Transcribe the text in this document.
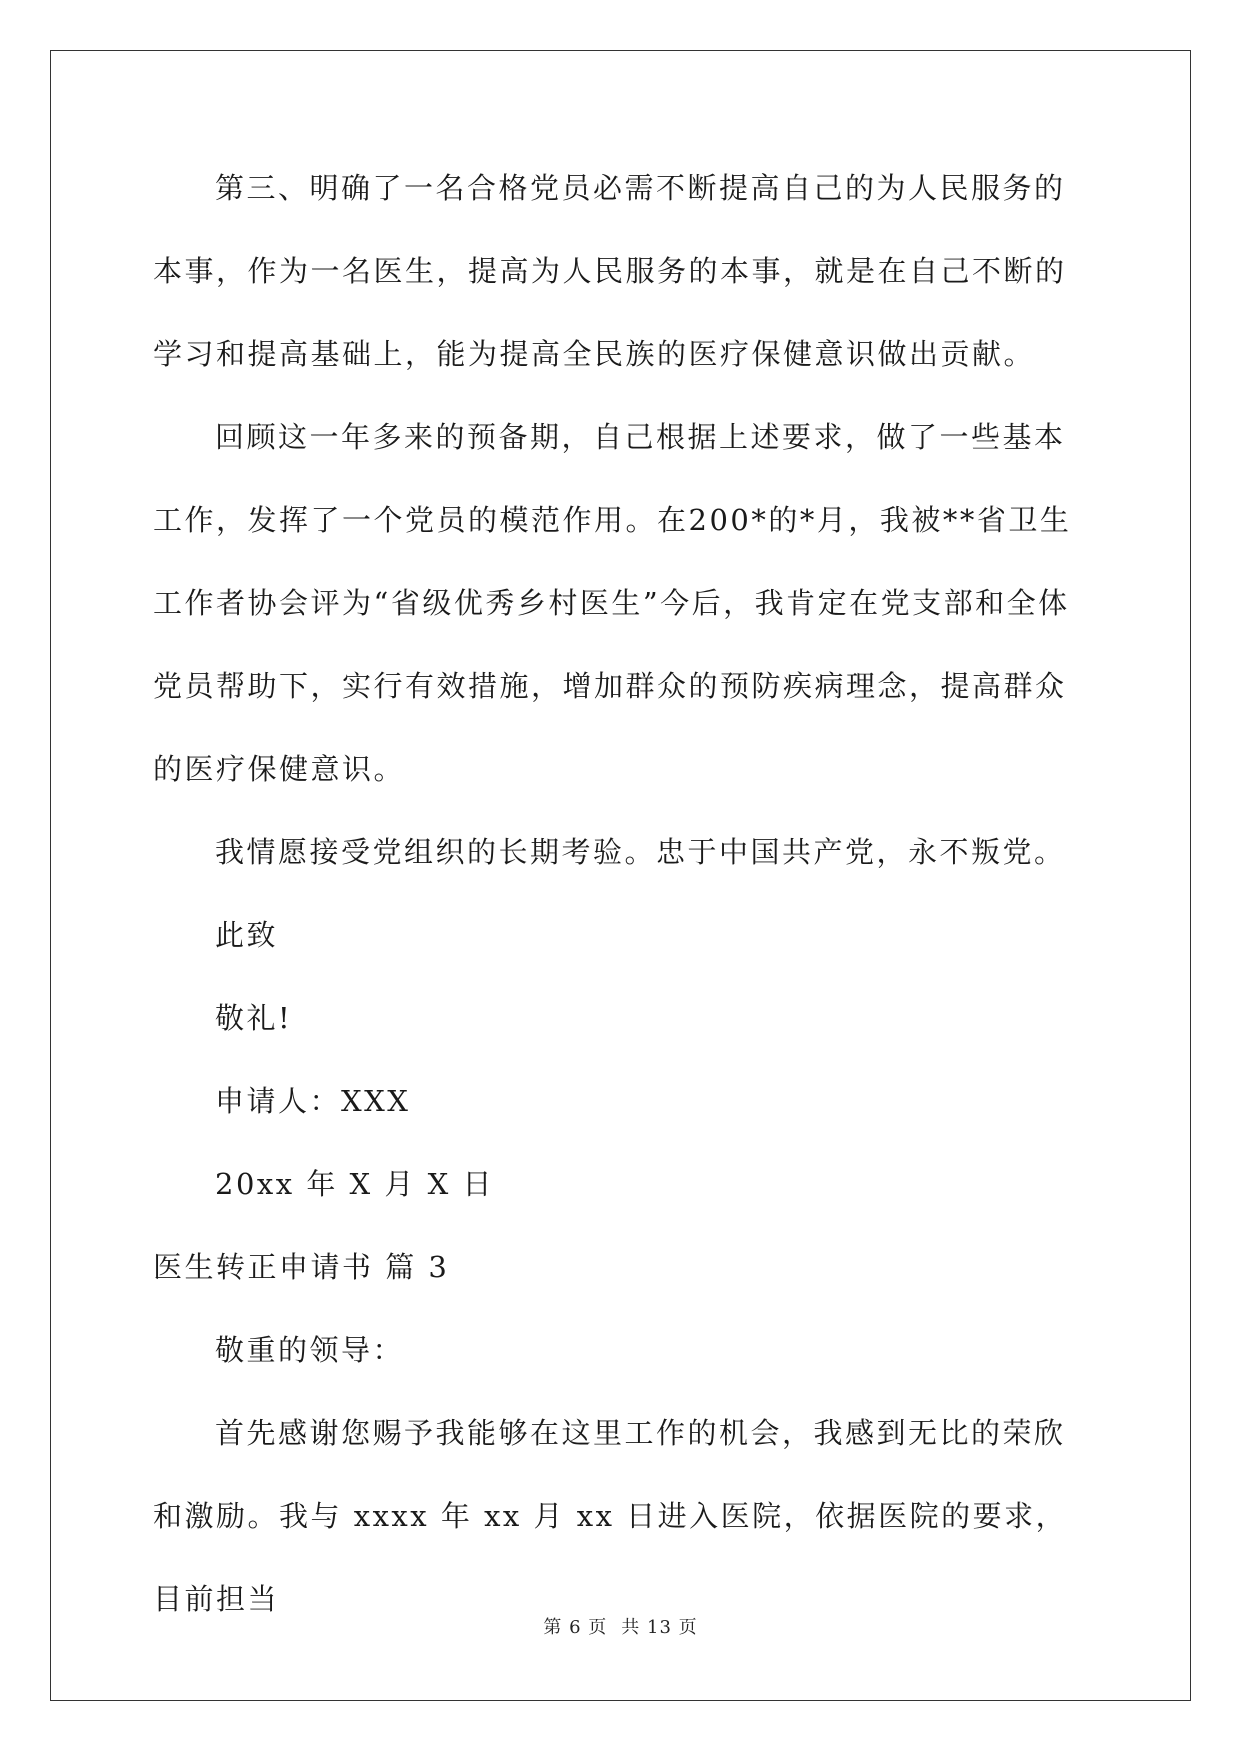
第三、明确了一名合格党员必需不断提高自己的为人民服务的本事，作为一名医生，提高为人民服务的本事，就是在自己不断的学习和提高基础上，能为提高全民族的医疗保健意识做出贡献。

回顾这一年多来的预备期，自己根据上述要求，做了一些基本工作，发挥了一个党员的模范作用。在200*的*月，我被**省卫生工作者协会评为“省级优秀乡村医生”今后，我肯定在党支部和全体党员帮助下，实行有效措施，增加群众的预防疾病理念，提高群众的医疗保健意识。

我情愿接受党组织的长期考验。忠于中国共产党，永不叛党。

此致

敬礼!

申请人：XXX

20xx 年 X 月 X 日

医生转正申请书 篇 3

敬重的领导：

首先感谢您赐予我能够在这里工作的机会，我感到无比的荣欣和激励。我与 xxxx 年 xx 月 xx 日进入医院，依据医院的要求，目前担当

第 6 页 共 13 页
